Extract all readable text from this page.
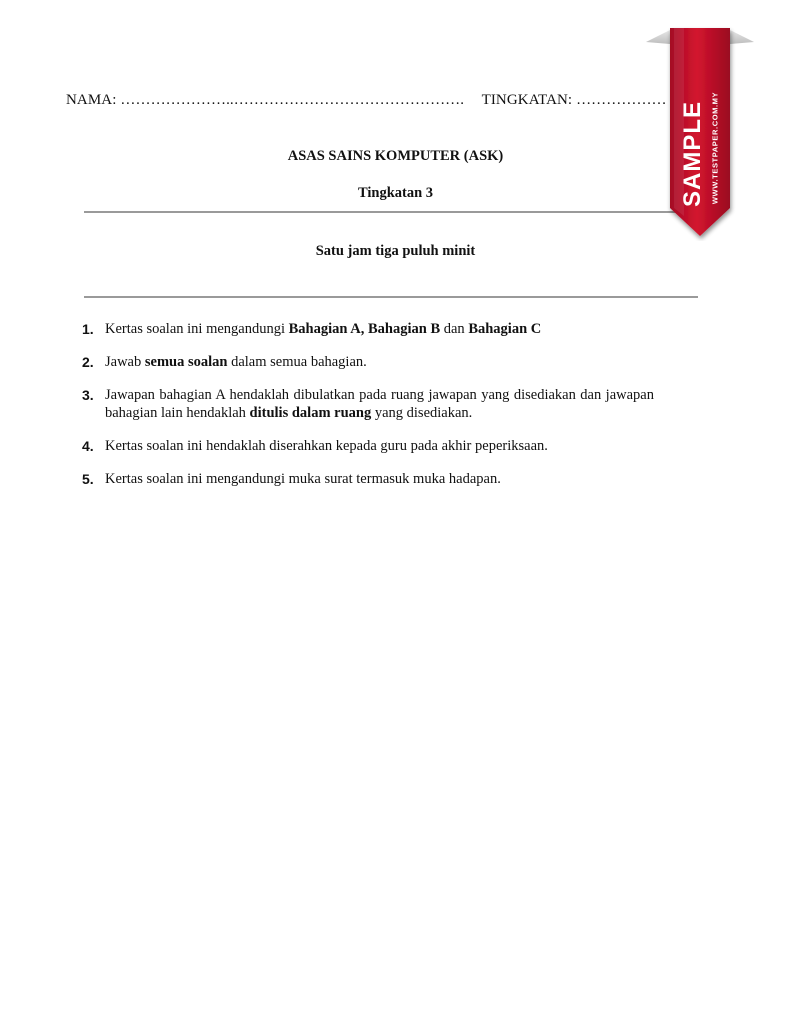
NAMA: …………………..………………………………………. TINGKATAN: ………………
ASAS SAINS KOMPUTER (ASK)
Tingkatan 3
Satu jam tiga puluh minit
1. Kertas soalan ini mengandungi Bahagian A, Bahagian B dan Bahagian C
2. Jawab semua soalan dalam semua bahagian.
3. Jawapan bahagian A hendaklah dibulatkan pada ruang jawapan yang disediakan dan jawapan bahagian lain hendaklah ditulis dalam ruang yang disediakan.
4. Kertas soalan ini hendaklah diserahkan kepada guru pada akhir peperiksaan.
5. Kertas soalan ini mengandungi muka surat termasuk muka hadapan.
SAMPLE WWW.TESTPAPER.COM.MY
